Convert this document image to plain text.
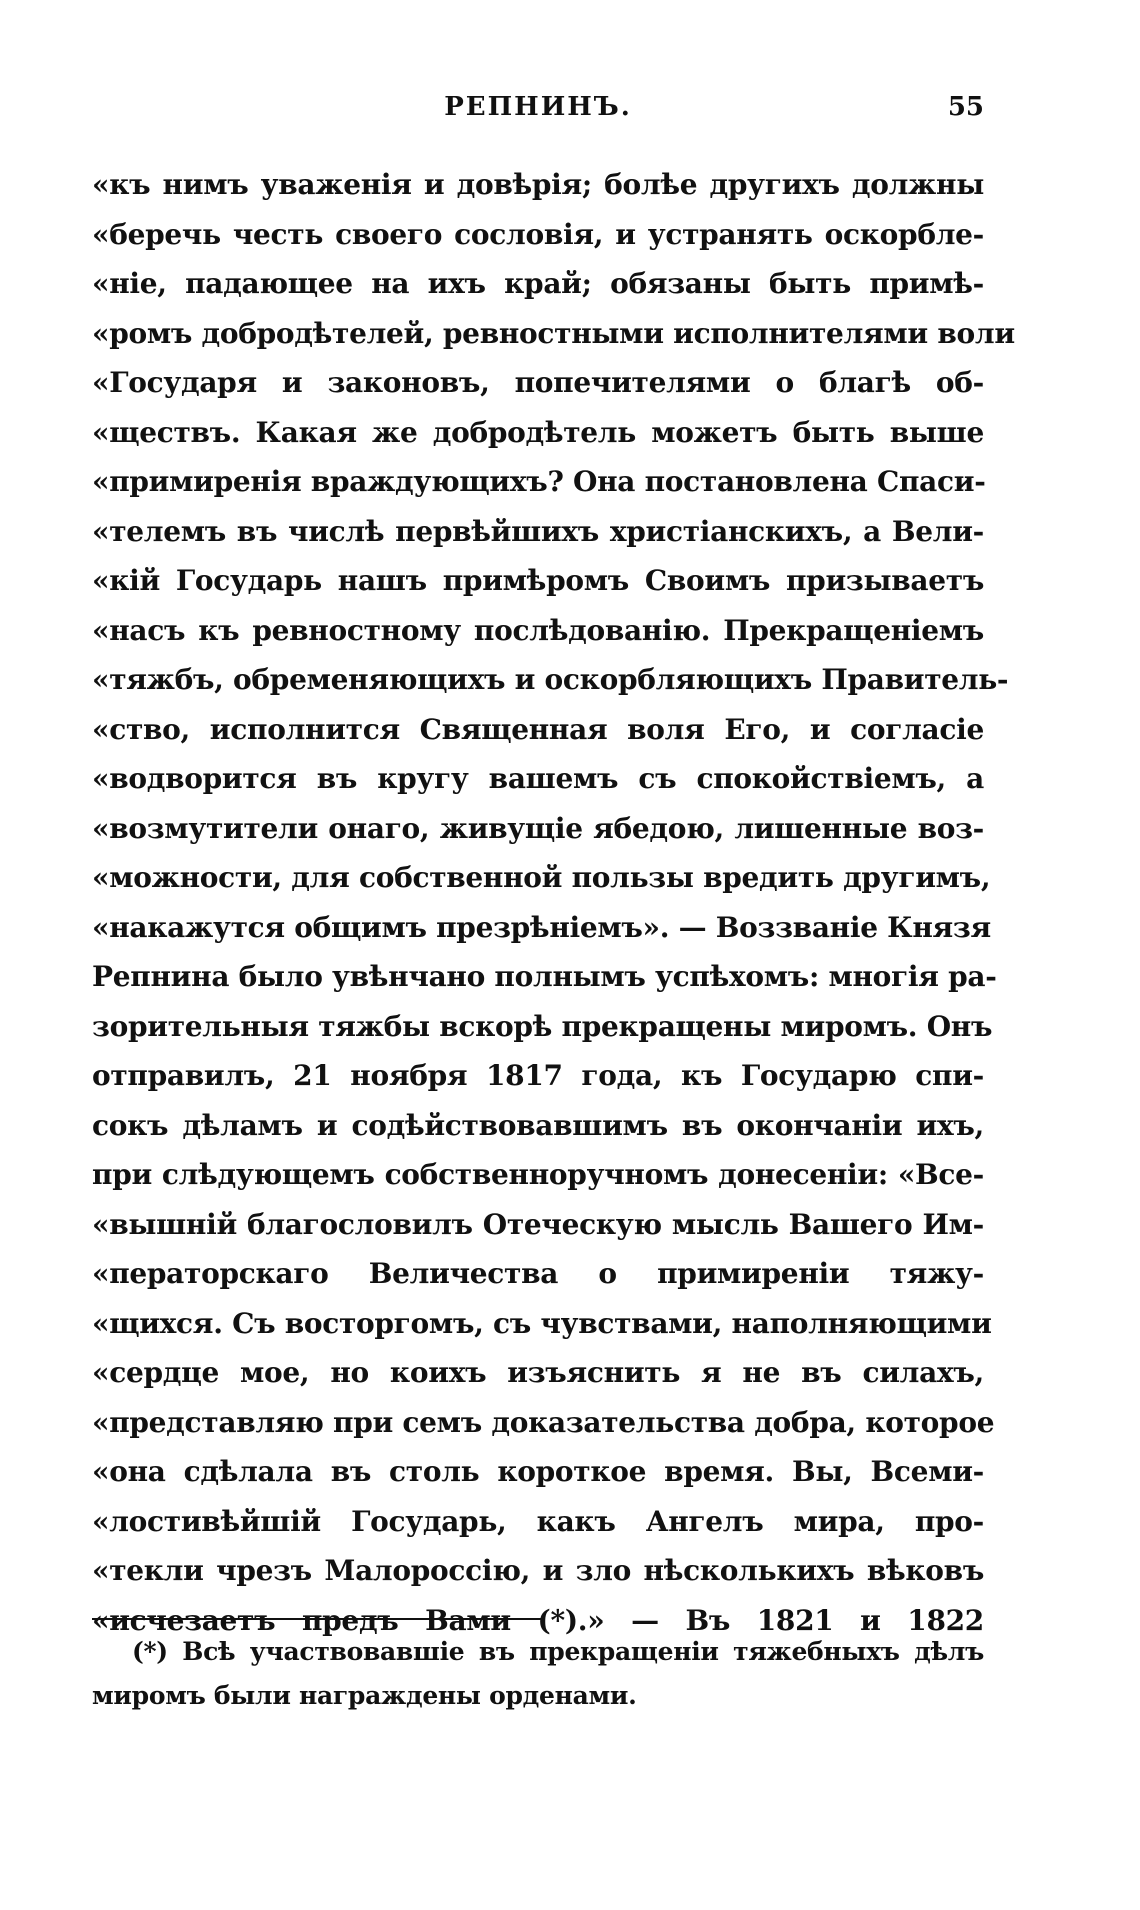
РЕПНИНЪ.	55
«къ нимъ уваженія и довѣрія; болѣе другихъ должны
«беречь честь своего сословія, и устранять оскорбле-
«ніе, падающее на ихъ край; обязаны быть примѣ-
«ромъ добродѣтелей, ревностными исполнителями воли
«Государя и законовъ, попечителями о благѣ об-
«ществъ. Какая же добродѣтель можетъ быть выше
«примиренія враждующихъ? Она постановлена Спаси-
«телемъ въ числѣ первѣйшихъ христіанскихъ, а Вели-
«кій Государь нашъ примѣромъ Своимъ призываетъ
«насъ къ ревностному послѣдованію. Прекращеніемъ
«тяжбъ, обременяющихъ и оскорбляющихъ Правитель-
«ство, исполнится Священная воля Его, и согласіе
«водворится въ кругу вашемъ съ спокойствіемъ, а
«возмутители онаго, живущіе ябедою, лишенные воз-
«можности, для собственной пользы вредить другимъ,
«накажутся общимъ презрѣніемъ». — Воззваніе Князя
Репнина было увѣнчано полнымъ успѣхомъ: многія ра-
зорительныя тяжбы вскорѣ прекращены миромъ. Онъ
отправилъ, 21 ноября 1817 года, къ Государю спи-
сокъ дѣламъ и содѣйствовавшимъ въ окончаніи ихъ,
при слѣдующемъ собственноручномъ донесеніи: «Все-
«вышній благословилъ Отеческую мысль Вашего Им-
«ператорскаго Величества о примиреніи тяжу-
«щихся. Съ восторгомъ, съ чувствами, наполняющими
«сердце мое, но коихъ изъяснить я не въ силахъ,
«представляю при семъ доказательства добра, которое
«она сдѣлала въ столь короткое время. Вы, Всеми-
«лостивѣйшій Государь, какъ Ангелъ мира, про-
«текли чрезъ Малороссію, и зло нѣсколькихъ вѣковъ
«исчезаетъ предъ Вами (*).» — Въ 1821 и 1822
(*) Всѣ участвовавшіе въ прекращеніи тяжебныхъ дѣлъ
миромъ были награждены орденами.
